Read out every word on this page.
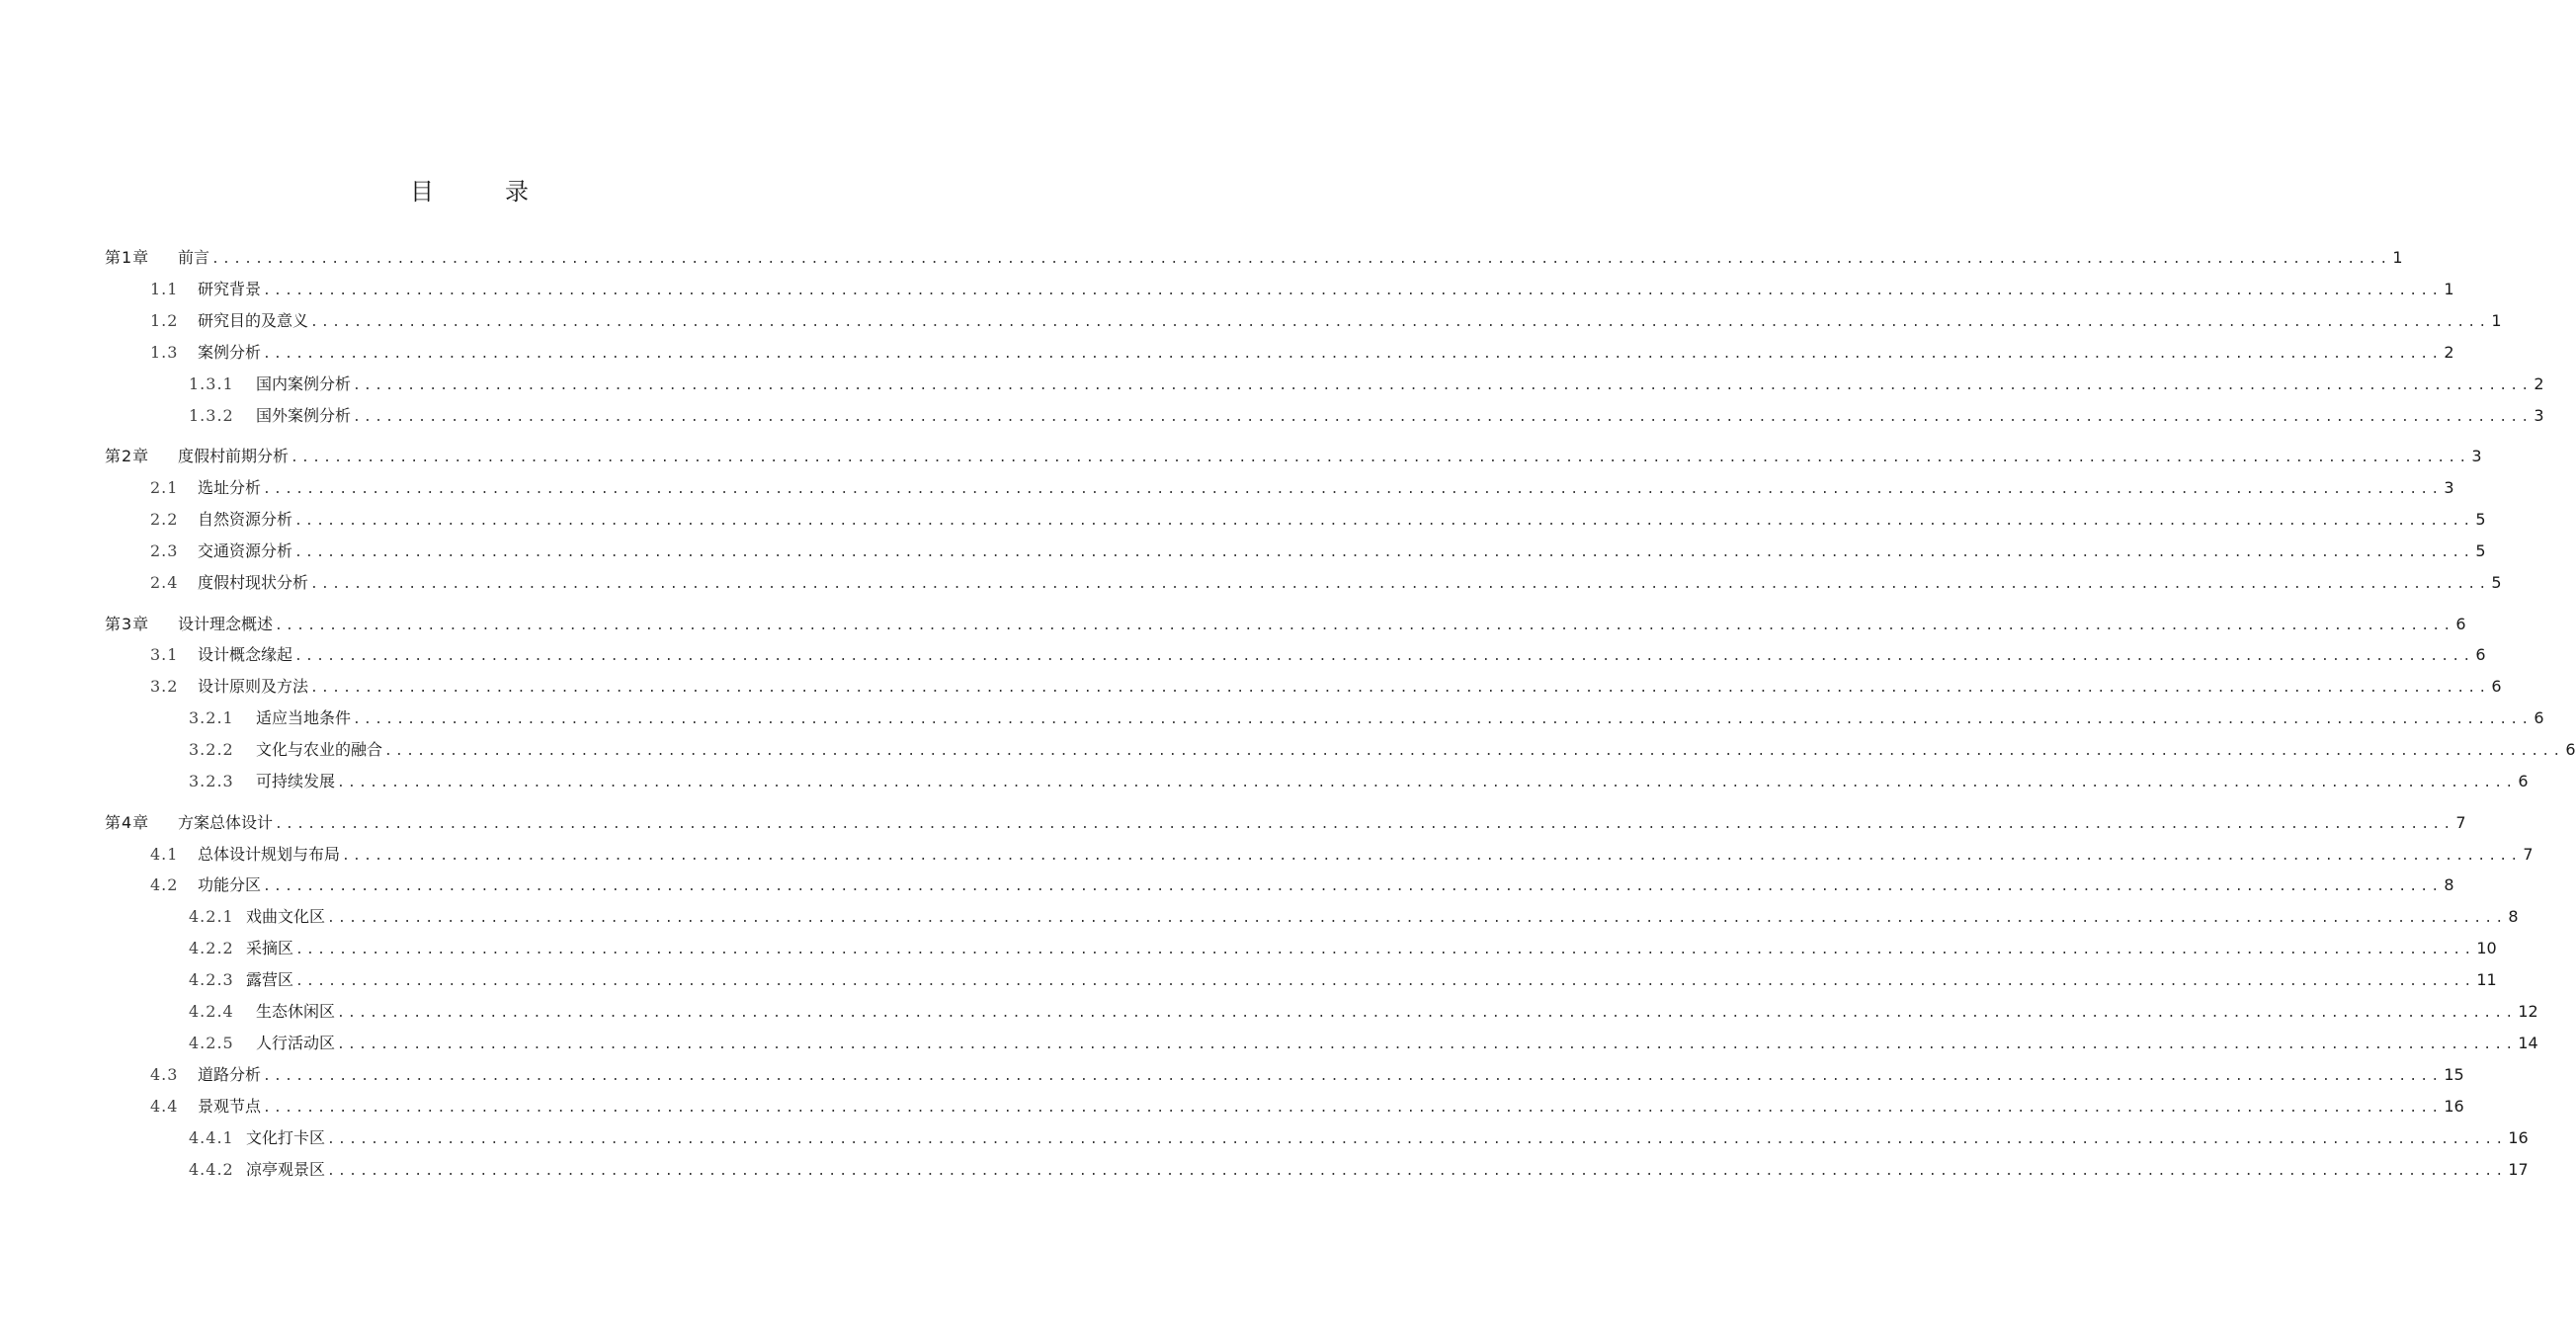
目　录
第1章	前言 ........................................................................................................................................................................................................ 1
1.1	研究背景 ........................................................................................................................................................................................................ 1
1.2	研究目的及意义 ........................................................................................................................................................................................................ 1
1.3	案例分析 ........................................................................................................................................................................................................ 2
1.3.1	国内案例分析 ........................................................................................................................................................................................................ 2
1.3.2	国外案例分析 ........................................................................................................................................................................................................ 3
第2章	度假村前期分析 ........................................................................................................................................................................................................ 3
2.1	选址分析 ........................................................................................................................................................................................................ 3
2.2	自然资源分析 ........................................................................................................................................................................................................ 5
2.3	交通资源分析 ........................................................................................................................................................................................................ 5
2.4	度假村现状分析 ........................................................................................................................................................................................................ 5
第3章	设计理念概述 ........................................................................................................................................................................................................ 6
3.1	设计概念缘起 ........................................................................................................................................................................................................ 6
3.2	设计原则及方法 ........................................................................................................................................................................................................ 6
3.2.1	适应当地条件 ........................................................................................................................................................................................................ 6
3.2.2	文化与农业的融合 ........................................................................................................................................................................................................ 6
3.2.3	可持续发展 ........................................................................................................................................................................................................ 6
第4章	方案总体设计 ........................................................................................................................................................................................................ 7
4.1	总体设计规划与布局 ........................................................................................................................................................................................................ 7
4.2	功能分区 ........................................................................................................................................................................................................ 8
4.2.1 戏曲文化区 ........................................................................................................................................................................................................ 8
4.2.2 采摘区 ........................................................................................................................................................................................................ 10
4.2.3 露营区 ........................................................................................................................................................................................................ 11
4.2.4	生态休闲区 ........................................................................................................................................................................................................ 12
4.2.5	人行活动区 ........................................................................................................................................................................................................ 14
4.3	道路分析 ........................................................................................................................................................................................................ 15
4.4	景观节点 ........................................................................................................................................................................................................ 16
4.4.1 文化打卡区 ........................................................................................................................................................................................................ 16
4.4.2 凉亭观景区 ........................................................................................................................................................................................................ 17
